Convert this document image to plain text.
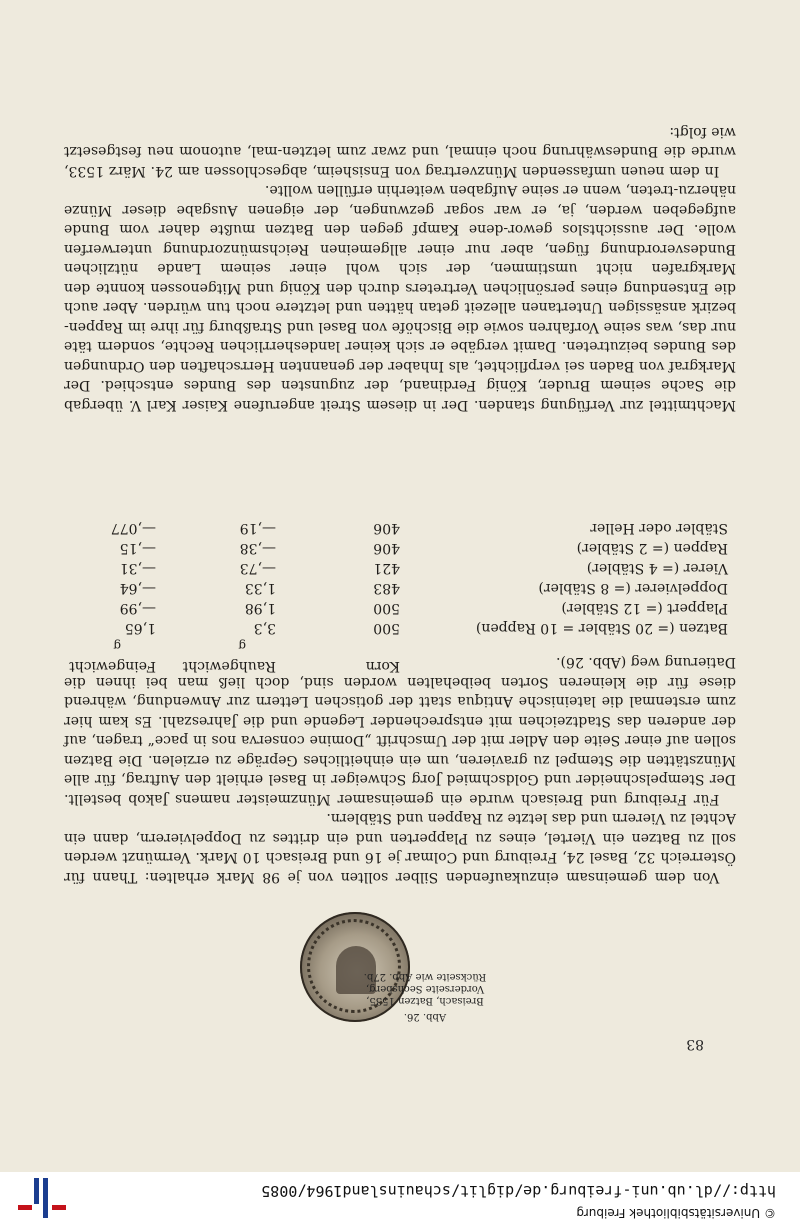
© Universitätsbibliothek Freiburg
http://dl.ub.uni-freiburg.de/diglit/schauinsland1964/0085

Machtmittel zur Verfügung standen. Der in diesem Streit angerufene Kaiser Karl V. übergab die Sache seinem Bruder, König Ferdinand, der zugunsten des Bundes entschied. Der Markgraf von Baden sei verpflichtet, als Inhaber der genannten Herrschaften den Ordnungen des Bundes beizutreten. Damit vergäbe er sich keiner landesherrlichen Rechte, sondern täte nur das, was seine Vorfahren sowie die Bischöfe von Basel und Straßburg für ihre im Rappen-bezirk ansässigen Untertanen allezeit getan hätten und letztere noch tun würden. Aber auch die Entsendung eines persönlichen Vertreters durch den König und Mitgenossen konnte den Markgrafen nicht umstimmen, der sich wohl einer seinem Lande nützlichen Bundesverordnung fügen, aber nur einer allgemeinen Reichsmünzordnung unterwerfen wolle. Der aussichtslos gewor-dene Kampf gegen den Batzen mußte daher vom Bunde aufgegeben werden, ja, er war sogar gezwungen, der eigenen Ausgabe dieser Münze näherzu-treten, wenn er seine Aufgaben weiterhin erfüllen wollte.

In dem neuen umfassenden Münzvertrag von Ensisheim, abgeschlossen am 24. März 1533, wurde die Bundeswährung noch einmal, und zwar zum letzten-mal, autonom neu festgesetzt wie folgt:

Korn
Rauhgewicht
Feingewicht
g
g
Batzen (= 20 Stäbler = 10 Rappen)
500
3,3
1,65
Plappert (= 12 Stäbler)
500
1,98
—,99
Doppelvierer (= 8 Stäbler)
483
1,33
—,64
Vierer (= 4 Stäbler)
421
—,73
—,31
Rappen (= 2 Stäbler)
406
—,38
—,15
Stäbler oder Heller
406
—,19
—,077

Von dem gemeinsam einzukaufenden Silber sollten von je 98 Mark erhalten: Thann für Österreich 32, Basel 24, Freiburg und Colmar je 16 und Breisach 10 Mark. Vermünzt werden soll zu Batzen ein Viertel, eines zu Plapperten und ein drittes zu Doppelvierern, dann ein Achtel zu Vierern und das letzte zu Rappen und Stäblern.

Für Freiburg und Breisach wurde ein gemeinsamer Münzmeister namens Jakob bestellt. Der Stempelschneider und Goldschmied Jorg Schweiger in Basel erhielt den Auftrag, für alle Münzstätten die Stempel zu gravieren, um ein einheitliches Gepräge zu erzielen. Die Batzen sollen auf einer Seite den Adler mit der Umschrift „Domine conserva nos in pace“ tragen, auf der anderen das Stadtzeichen mit entsprechender Legende und die Jahreszahl. Es kam hier zum erstenmal die lateinische Antiqua statt der gotischen Lettern zur Anwendung, während diese für die kleineren Sorten beibehalten worden sind, doch ließ man bei ihnen die Datierung weg (Abb. 26).

Abb. 26.
Breisach, Batzen 1535,
Vorderseite Sechsberg,
Rückseite wie Abb. 27b.
83
